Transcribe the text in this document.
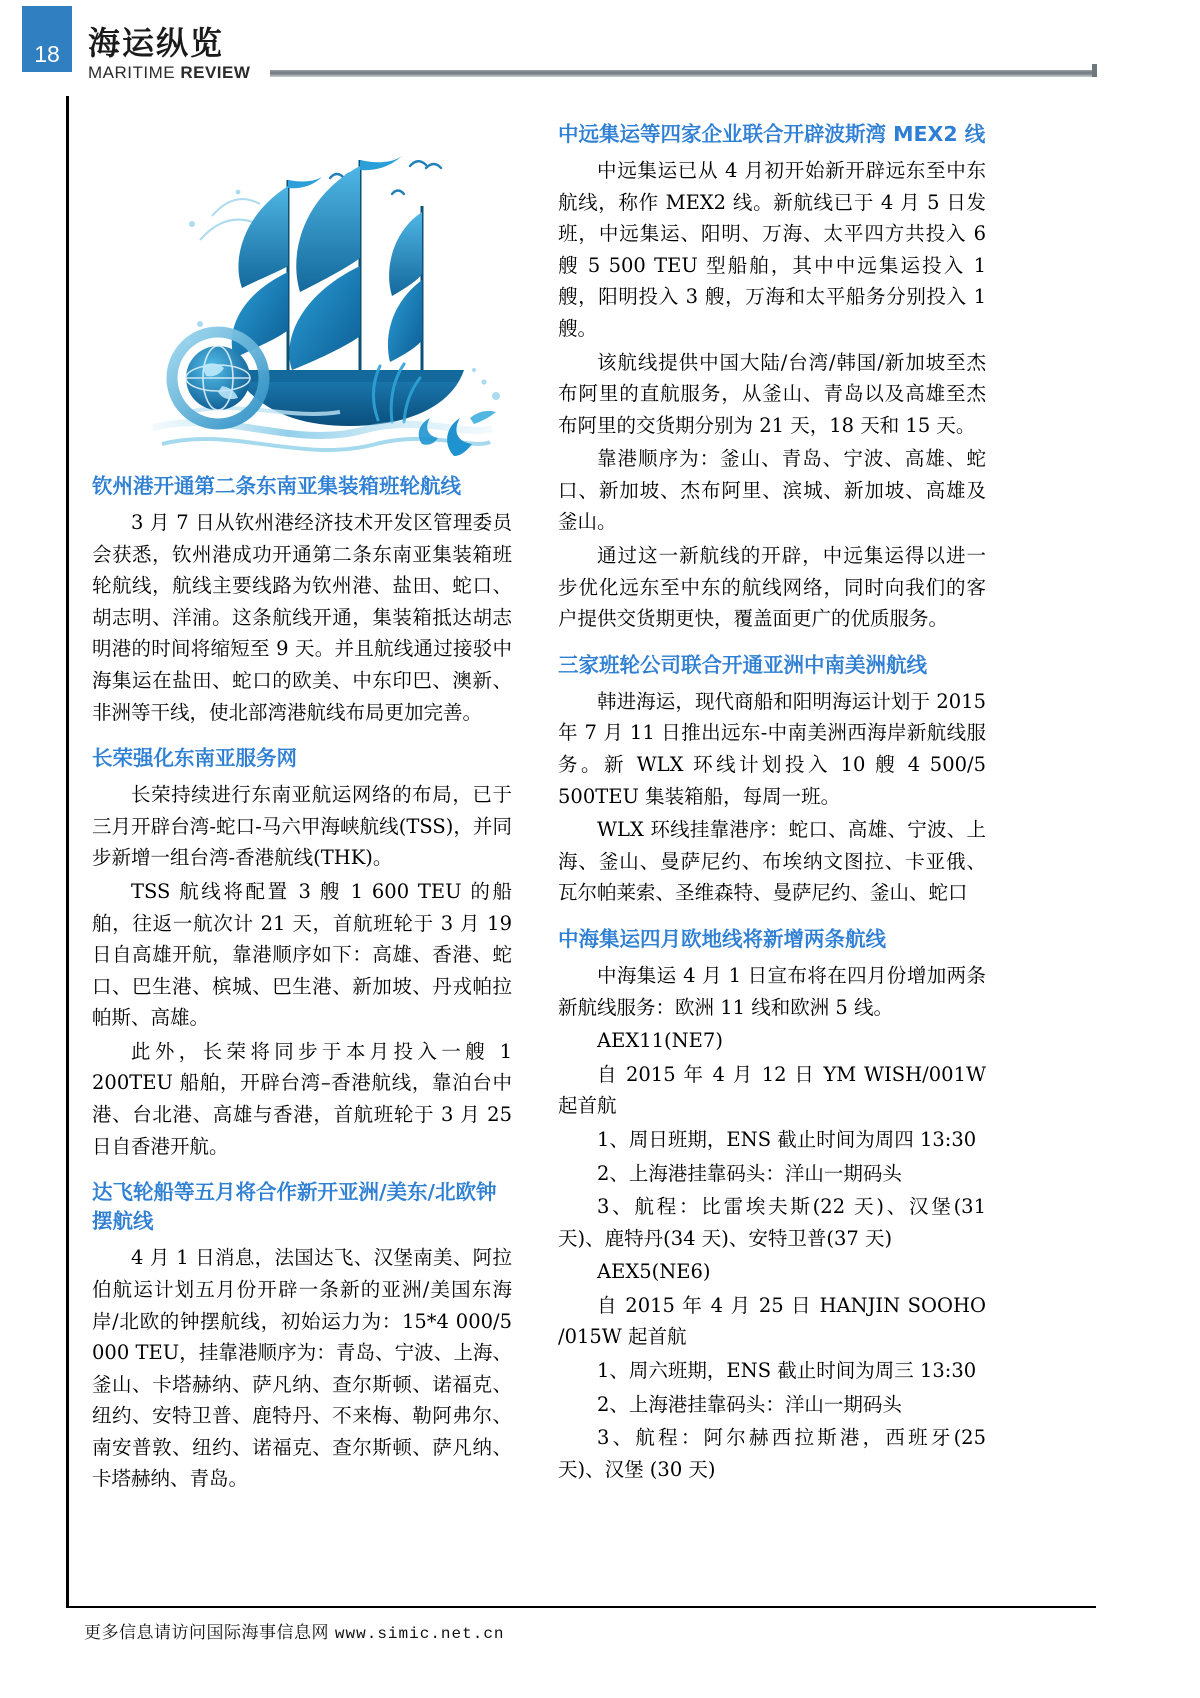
18 海运纵览
MARITIME REVIEW
钦州港开通第二条东南亚集装箱班轮航线

3 月 7 日从钦州港经济技术开发区管理委员会获悉，钦州港成功开通第二条东南亚集装箱班轮航线，航线主要线路为钦州港、盐田、蛇口、胡志明、洋浦。这条航线开通，集装箱抵达胡志明港的时间将缩短至 9 天。并且航线通过接驳中海集运在盐田、蛇口的欧美、中东印巴、澳新、非洲等干线，使北部湾港航线布局更加完善。

长荣强化东南亚服务网

长荣持续进行东南亚航运网络的布局，已于三月开辟台湾-蛇口-马六甲海峡航线(TSS)，并同步新增一组台湾-香港航线(THK)。

TSS 航线将配置 3 艘 1 600 TEU 的船舶，往返一航次计 21 天，首航班轮于 3 月 19 日自高雄开航，靠港顺序如下：高雄、香港、蛇口、巴生港、槟城、巴生港、新加坡、丹戎帕拉帕斯、高雄。

此外，长荣将同步于本月投入一艘 1 200TEU 船舶，开辟台湾–香港航线，靠泊台中港、台北港、高雄与香港，首航班轮于 3 月 25 日自香港开航。

达飞轮船等五月将合作新开亚洲/美东/北欧钟摆航线

4 月 1 日消息，法国达飞、汉堡南美、阿拉伯航运计划五月份开辟一条新的亚洲/美国东海岸/北欧的钟摆航线，初始运力为：15*4 000/5 000 TEU，挂靠港顺序为：青岛、宁波、上海、釜山、卡塔赫纳、萨凡纳、查尔斯顿、诺福克、纽约、安特卫普、鹿特丹、不来梅、勒阿弗尔、南安普敦、纽约、诺福克、查尔斯顿、萨凡纳、卡塔赫纳、青岛。

中远集运等四家企业联合开辟波斯湾 MEX2 线

中远集运已从 4 月初开始新开辟远东至中东航线，称作 MEX2 线。新航线已于 4 月 5 日发班，中远集运、阳明、万海、太平四方共投入 6 艘 5 500 TEU 型船舶，其中中远集运投入 1 艘，阳明投入 3 艘，万海和太平船务分别投入 1 艘。

该航线提供中国大陆/台湾/韩国/新加坡至杰布阿里的直航服务，从釜山、青岛以及高雄至杰布阿里的交货期分别为 21 天，18 天和 15 天。

靠港顺序为：釜山、青岛、宁波、高雄、蛇口、新加坡、杰布阿里、滨城、新加坡、高雄及釜山。

通过这一新航线的开辟，中远集运得以进一步优化远东至中东的航线网络，同时向我们的客户提供交货期更快，覆盖面更广的优质服务。

三家班轮公司联合开通亚洲中南美洲航线

韩进海运，现代商船和阳明海运计划于 2015 年 7 月 11 日推出远东-中南美洲西海岸新航线服务。新 WLX 环线计划投入 10 艘 4 500/5 500TEU 集装箱船，每周一班。

WLX 环线挂靠港序：蛇口、高雄、宁波、上海、釜山、曼萨尼约、布埃纳文图拉、卡亚俄、瓦尔帕莱索、圣维森特、曼萨尼约、釜山、蛇口

中海集运四月欧地线将新增两条航线

中海集运 4 月 1 日宣布将在四月份增加两条新航线服务：欧洲 11 线和欧洲 5 线。

AEX11(NE7)

自 2015 年 4 月 12 日 YM WISH/001W 起首航

1、周日班期，ENS 截止时间为周四 13:30

2、上海港挂靠码头：洋山一期码头

3、航程：比雷埃夫斯(22 天)、汉堡(31 天)、鹿特丹(34 天)、安特卫普(37 天)

AEX5(NE6)

自 2015 年 4 月 25 日 HANJIN SOOHO /015W 起首航

1、周六班期，ENS 截止时间为周三 13:30

2、上海港挂靠码头：洋山一期码头

3、航程：阿尔赫西拉斯港，西班牙(25 天)、汉堡 (30 天)

更多信息请访问国际海事信息网 www.simic.net.cn
